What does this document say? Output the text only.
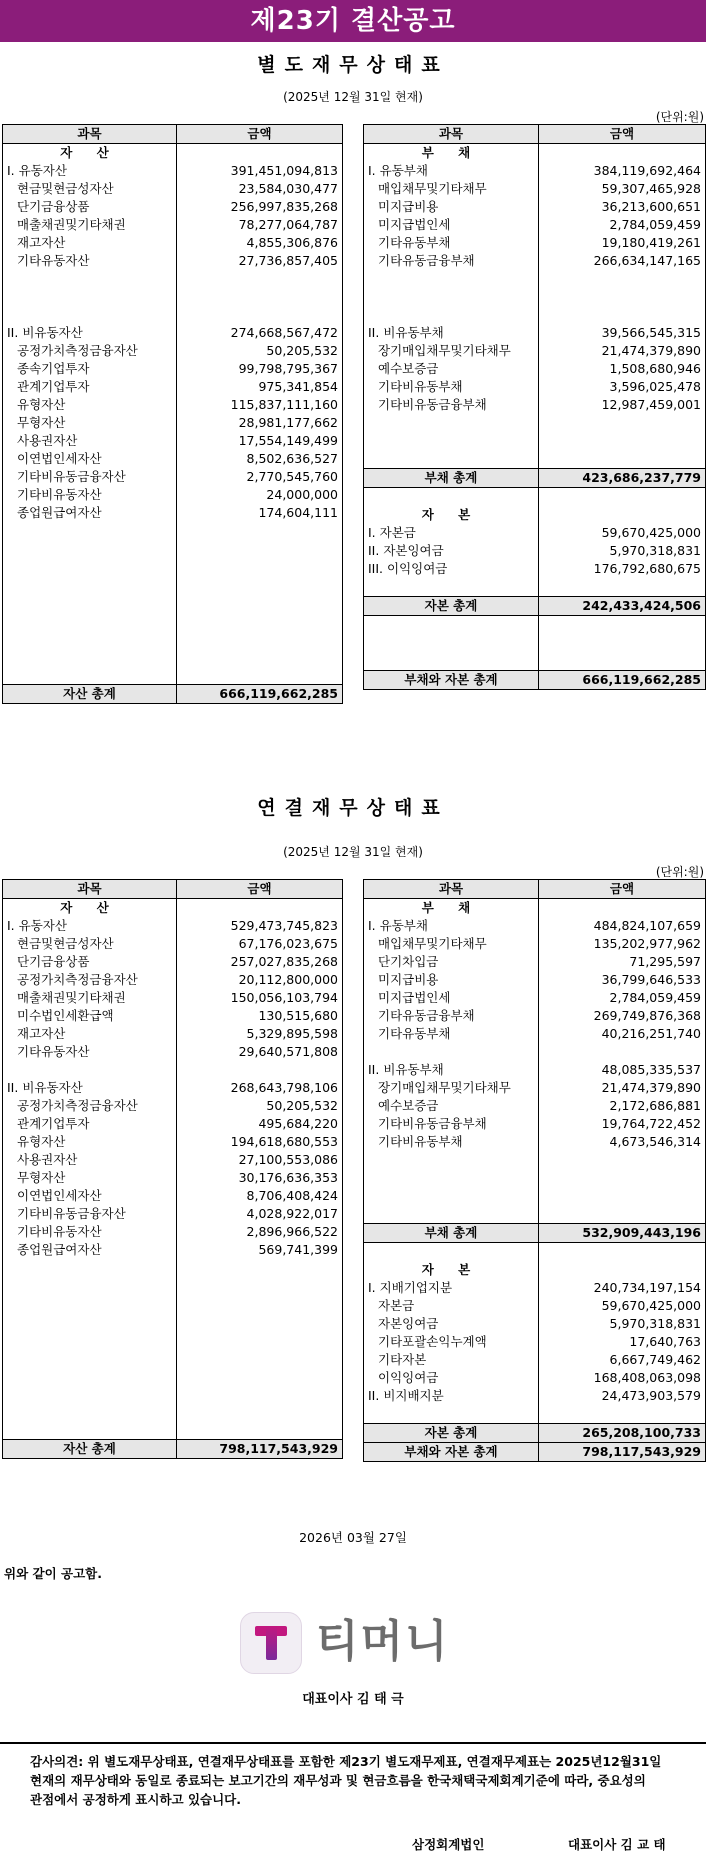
제23기 결산공고
별도재무상태표
(2025년 12월 31일 현재)
(단위:원)
과목	금액
자 산	
I. 유동자산	391,451,094,813
현금및현금성자산	23,584,030,477
단기금융상품	256,997,835,268
매출채권및기타채권	78,277,064,787
재고자산	4,855,306,876
기타유동자산	27,736,857,405

II. 비유동자산	274,668,567,472
공정가치측정금융자산	50,205,532
종속기업투자	99,798,795,367
관계기업투자	975,341,854
유형자산	115,837,111,160
무형자산	28,981,177,662
사용권자산	17,554,149,499
이연법인세자산	8,502,636,527
기타비유동금융자산	2,770,545,760
기타비유동자산	24,000,000
종업원급여자산	174,604,111

자산 총계	666,119,662,285
과목	금액
부 채	
I. 유동부채	384,119,692,464
매입채무및기타채무	59,307,465,928
미지급비용	36,213,600,651
미지급법인세	2,784,059,459
기타유동부채	19,180,419,261
기타유동금융부채	266,634,147,165

II. 비유동부채	39,566,545,315
장기매입채무및기타채무	21,474,379,890
예수보증금	1,508,680,946
기타비유동부채	3,596,025,478
기타비유동금융부채	12,987,459,001

부채 총계	423,686,237,779

자 본	
I. 자본금	59,670,425,000
II. 자본잉여금	5,970,318,831
III. 이익잉여금	176,792,680,675

자본 총계	242,433,424,506

부채와 자본 총계	666,119,662,285
연결재무상태표
(2025년 12월 31일 현재)
(단위:원)
과목	금액
자 산	
I. 유동자산	529,473,745,823
현금및현금성자산	67,176,023,675
단기금융상품	257,027,835,268
공정가치측정금융자산	20,112,800,000
매출채권및기타채권	150,056,103,794
미수법인세환급액	130,515,680
재고자산	5,329,895,598
기타유동자산	29,640,571,808

II. 비유동자산	268,643,798,106
공정가치측정금융자산	50,205,532
관계기업투자	495,684,220
유형자산	194,618,680,553
사용권자산	27,100,553,086
무형자산	30,176,636,353
이연법인세자산	8,706,408,424
기타비유동금융자산	4,028,922,017
기타비유동자산	2,896,966,522
종업원급여자산	569,741,399

자산 총계	798,117,543,929
과목	금액
부 채	
I. 유동부채	484,824,107,659
매입채무및기타채무	135,202,977,962
단기차입금	71,295,597
미지급비용	36,799,646,533
미지급법인세	2,784,059,459
기타유동금융부채	269,749,876,368
기타유동부채	40,216,251,740

II. 비유동부채	48,085,335,537
장기매입채무및기타채무	21,474,379,890
예수보증금	2,172,686,881
기타비유동금융부채	19,764,722,452
기타비유동부채	4,673,546,314

부채 총계	532,909,443,196

자 본	
I. 지배기업지분	240,734,197,154
자본금	59,670,425,000
자본잉여금	5,970,318,831
기타포괄손익누계액	17,640,763
기타자본	6,667,749,462
이익잉여금	168,408,063,098
II. 비지배지분	24,473,903,579

자본 총계	265,208,100,733
부채와 자본 총계	798,117,543,929
2026년 03월 27일
위와 같이 공고함.
티머니
대표이사 김 태 극
감사의견: 위 별도재무상태표, 연결재무상태표를 포함한 제23기 별도재무제표, 연결재무제표는 2025년12월31일
현재의 재무상태와 동일로 종료되는 보고기간의 재무성과 및 현금흐름을 한국채택국제회계기준에 따라, 중요성의
관점에서 공정하게 표시하고 있습니다.
삼정회계법인	대표이사 김 교 태
